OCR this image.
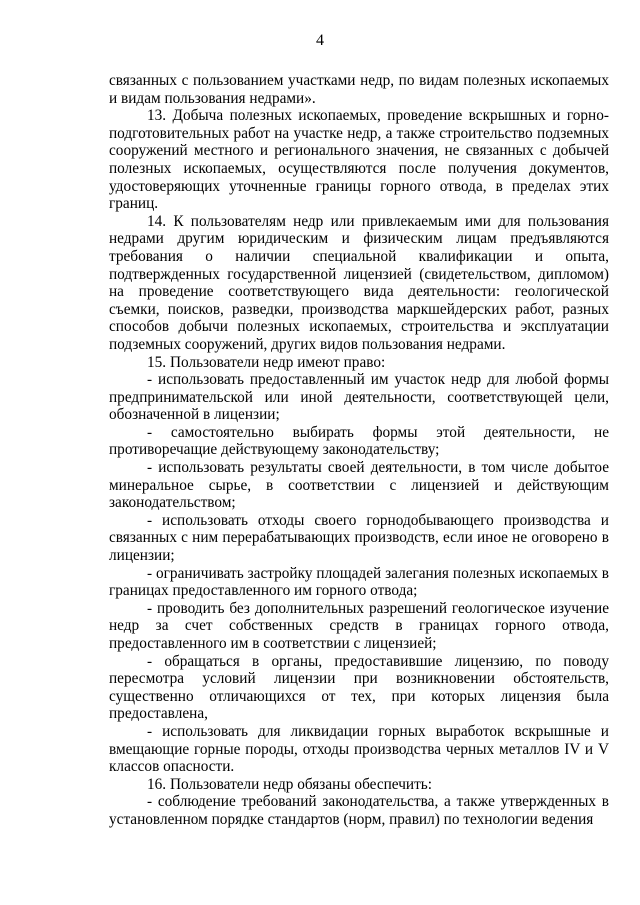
4

связанных с пользованием участками недр, по видам полезных ископаемых и видам пользования недрами».

13. Добыча полезных ископаемых, проведение вскрышных и горно-подготовительных работ на участке недр, а также строительство подземных сооружений местного и регионального значения, не связанных с добычей полезных ископаемых, осуществляются после получения документов, удостоверяющих уточненные границы горного отвода, в пределах этих границ.

14. К пользователям недр или привлекаемым ими для пользования недрами другим юридическим и физическим лицам предъявляются требования о наличии специальной квалификации и опыта, подтвержденных государственной лицензией (свидетельством, дипломом) на проведение соответствующего вида деятельности: геологической съемки, поисков, разведки, производства маркшейдерских работ, разных способов добычи полезных ископаемых, строительства и эксплуатации подземных сооружений, других видов пользования недрами.

15. Пользователи недр имеют право:

- использовать предоставленный им участок недр для любой формы предпринимательской или иной деятельности, соответствующей цели, обозначенной в лицензии;

- самостоятельно выбирать формы этой деятельности, не противоречащие действующему законодательству;

- использовать результаты своей деятельности, в том числе добытое минеральное сырье, в соответствии с лицензией и действующим законодательством;

- использовать отходы своего горнодобывающего производства и связанных с ним перерабатывающих производств, если иное не оговорено в лицензии;

- ограничивать застройку площадей залегания полезных ископаемых в границах предоставленного им горного отвода;

- проводить без дополнительных разрешений геологическое изучение недр за счет собственных средств в границах горного отвода, предоставленного им в соответствии с лицензией;

- обращаться в органы, предоставившие лицензию, по поводу пересмотра условий лицензии при возникновении обстоятельств, существенно отличающихся от тех, при которых лицензия была предоставлена,

- использовать для ликвидации горных выработок вскрышные и вмещающие горные породы, отходы производства черных металлов IV и V классов опасности.

16. Пользователи недр обязаны обеспечить:

- соблюдение требований законодательства, а также утвержденных в установленном порядке стандартов (норм, правил) по технологии ведения
